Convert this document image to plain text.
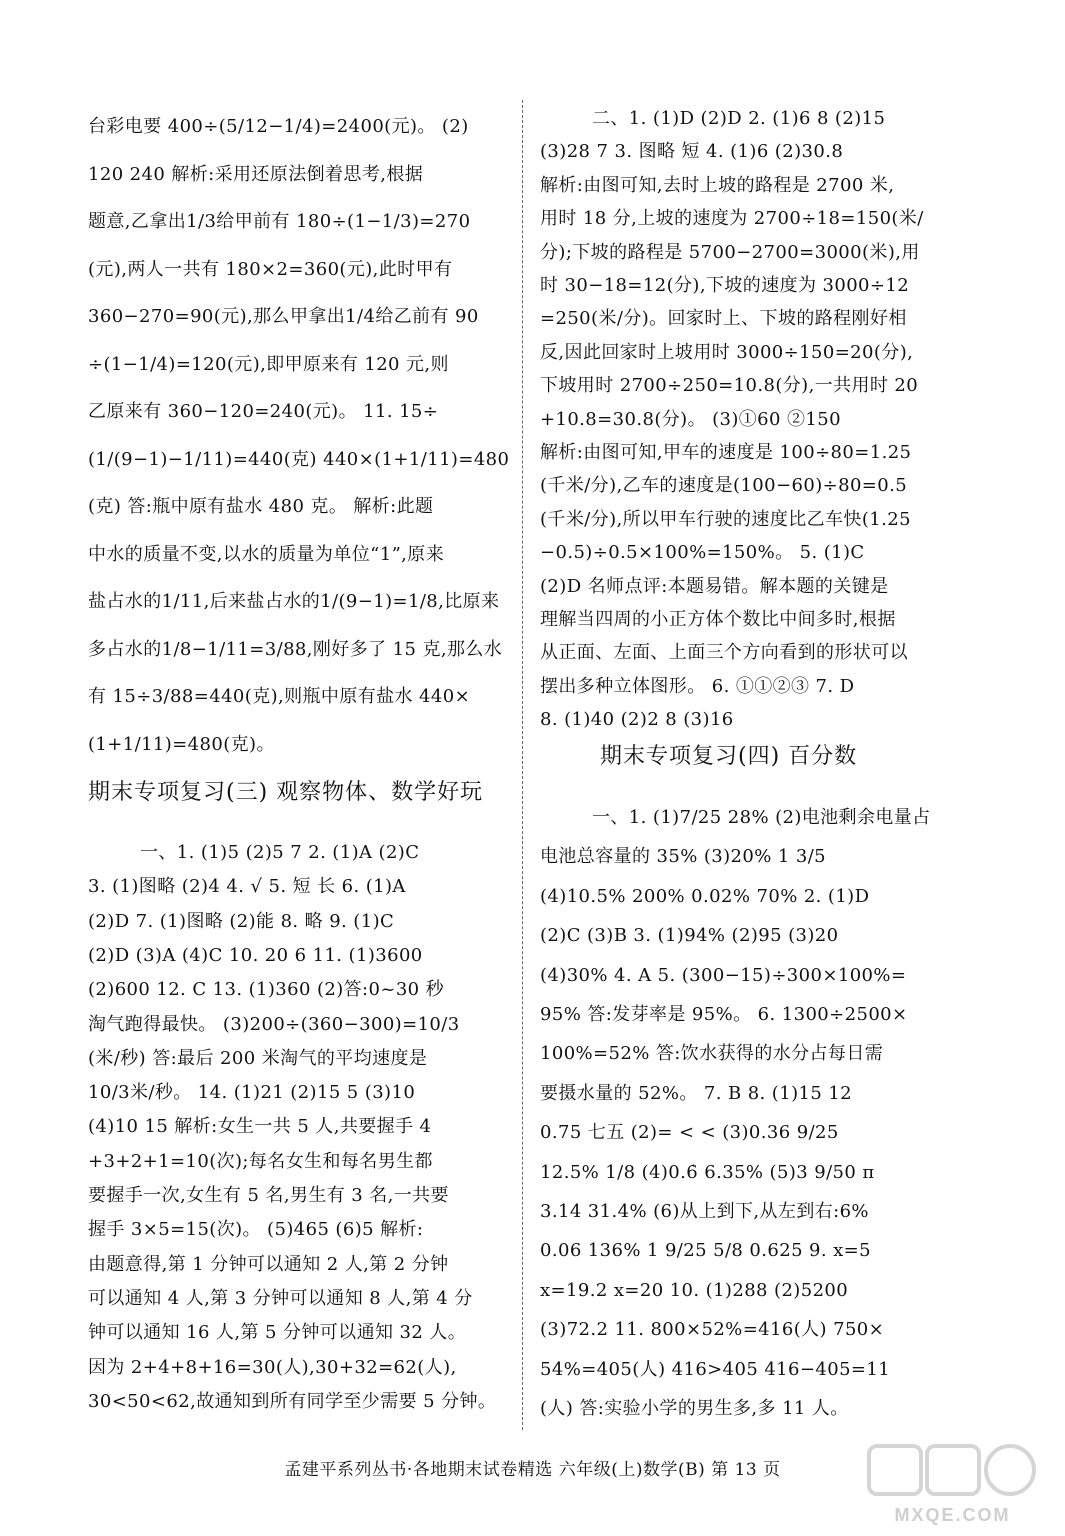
台彩电要 400÷(5/12−1/4)=2400(元)。 (2)
120 240 解析:采用还原法倒着思考,根据
题意,乙拿出1/3给甲前有 180÷(1−1/3)=270
(元),两人一共有 180×2=360(元),此时甲有
360−270=90(元),那么甲拿出1/4给乙前有 90
÷(1−1/4)=120(元),即甲原来有 120 元,则
乙原来有 360−120=240(元)。 11. 15÷
(1/(9−1)−1/11)=440(克) 440×(1+1/11)=480
(克) 答:瓶中原有盐水 480 克。 解析:此题
中水的质量不变,以水的质量为单位“1”,原来
盐占水的1/11,后来盐占水的1/(9−1)=1/8,比原来
多占水的1/8−1/11=3/88,刚好多了 15 克,那么水
有 15÷3/88=440(克),则瓶中原有盐水 440×
(1+1/11)=480(克)。
期末专项复习(三) 观察物体、数学好玩
一、1. (1)5 (2)5 7 2. (1)A (2)C
3. (1)图略 (2)4 4. √ 5. 短 长 6. (1)A
(2)D 7. (1)图略 (2)能 8. 略 9. (1)C
(2)D (3)A (4)C 10. 20 6 11. (1)3600
(2)600 12. C 13. (1)360 (2)答:0~30 秒
淘气跑得最快。 (3)200÷(360−300)=10/3
(米/秒) 答:最后 200 米淘气的平均速度是
10/3米/秒。 14. (1)21 (2)15 5 (3)10
(4)10 15 解析:女生一共 5 人,共要握手 4
+3+2+1=10(次);每名女生和每名男生都
要握手一次,女生有 5 名,男生有 3 名,一共要
握手 3×5=15(次)。 (5)465 (6)5 解析:
由题意得,第 1 分钟可以通知 2 人,第 2 分钟
可以通知 4 人,第 3 分钟可以通知 8 人,第 4 分
钟可以通知 16 人,第 5 分钟可以通知 32 人。
因为 2+4+8+16=30(人),30+32=62(人),
30<50<62,故通知到所有同学至少需要 5 分钟。
二、1. (1)D (2)D 2. (1)6 8 (2)15
(3)28 7 3. 图略 短 4. (1)6 (2)30.8
解析:由图可知,去时上坡的路程是 2700 米,
用时 18 分,上坡的速度为 2700÷18=150(米/
分);下坡的路程是 5700−2700=3000(米),用
时 30−18=12(分),下坡的速度为 3000÷12
=250(米/分)。回家时上、下坡的路程刚好相
反,因此回家时上坡用时 3000÷150=20(分),
下坡用时 2700÷250=10.8(分),一共用时 20
+10.8=30.8(分)。 (3)①60 ②150
解析:由图可知,甲车的速度是 100÷80=1.25
(千米/分),乙车的速度是(100−60)÷80=0.5
(千米/分),所以甲车行驶的速度比乙车快(1.25
−0.5)÷0.5×100%=150%。 5. (1)C
(2)D 名师点评:本题易错。解本题的关键是
理解当四周的小正方体个数比中间多时,根据
从正面、左面、上面三个方向看到的形状可以
摆出多种立体图形。 6. ①①②③ 7. D
8. (1)40 (2)2 8 (3)16
期末专项复习(四) 百分数
一、1. (1)7/25 28% (2)电池剩余电量占
电池总容量的 35% (3)20% 1 3/5
(4)10.5% 200% 0.02% 70% 2. (1)D
(2)C (3)B 3. (1)94% (2)95 (3)20
(4)30% 4. A 5. (300−15)÷300×100%=
95% 答:发芽率是 95%。 6. 1300÷2500×
100%=52% 答:饮水获得的水分占每日需
要摄水量的 52%。 7. B 8. (1)15 12
0.75 七五 (2)= < < (3)0.36 9/25
12.5% 1/8 (4)0.6̇ 6.35% (5)3 9/50 π
3.14 31.4% (6)从上到下,从左到右:6%
0.06 136% 1 9/25 5/8 0.625 9. x=5
x=19.2 x=20 10. (1)288 (2)5200
(3)72.2 11. 800×52%=416(人) 750×
54%=405(人) 416>405 416−405=11
(人) 答:实验小学的男生多,多 11 人。
孟建平系列丛书·各地期末试卷精选 六年级(上)数学(B) 第 13 页
MXQE.COM
